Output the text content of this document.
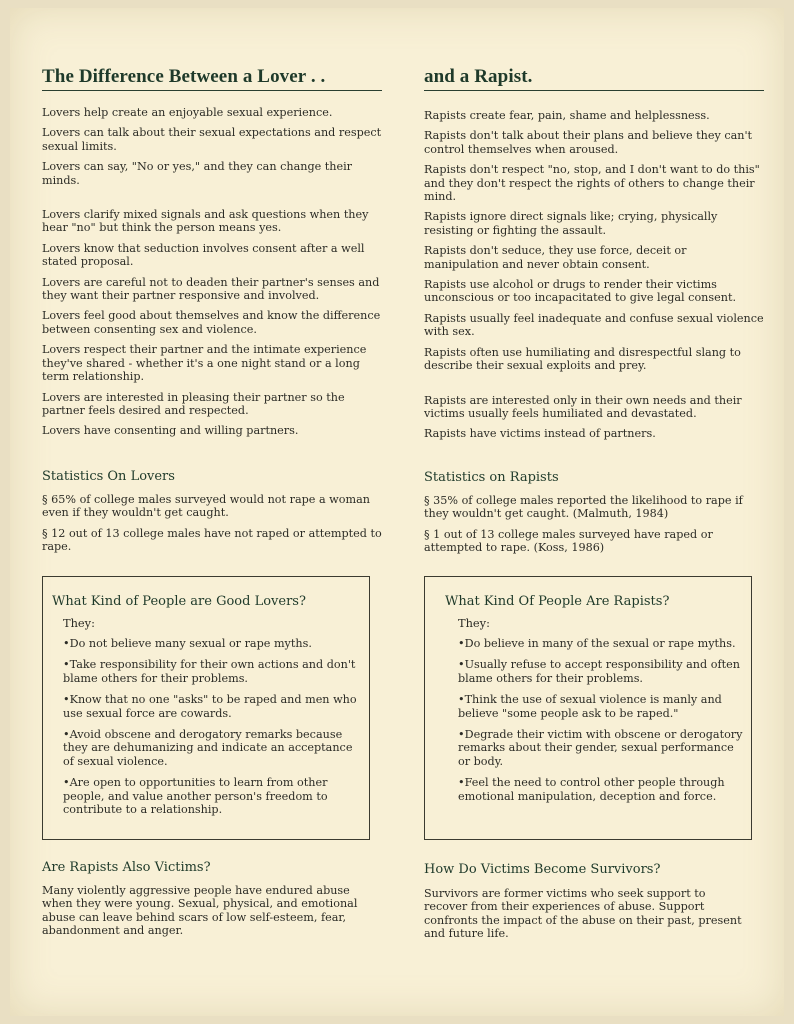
The Difference Between a Lover . .
Lovers help create an enjoyable sexual experience.
Lovers can talk about their sexual expectations and respect sexual limits.
Lovers can say, "No or yes," and they can change their minds.
Lovers clarify mixed signals and ask questions when they hear "no" but think the person means yes.
Lovers know that seduction involves consent after a well stated proposal.
Lovers are careful not to deaden their partner's senses and they want their partner responsive and involved.
Lovers feel good about themselves and know the difference between consenting sex and violence.
Lovers respect their partner and the intimate experience they've shared - whether it's a one night stand or a long term relationship.
Lovers are interested in pleasing their partner so the partner feels desired and respected.
Lovers have consenting and willing partners.
Statistics On Lovers
§ 65% of college males surveyed would not rape a woman even if they wouldn't get caught.
§ 12 out of 13 college males have not raped or attempted to rape.
What Kind of People are Good Lovers?
They:
•Do not believe many sexual or rape myths.
•Take responsibility for their own actions and don't blame others for their problems.
•Know that no one "asks" to be raped and men who use sexual force are cowards.
•Avoid obscene and derogatory remarks because they are dehumanizing and indicate an acceptance of sexual violence.
•Are open to opportunities to learn from other people, and value another person's freedom to contribute to a relationship.
Are Rapists Also Victims?
Many violently aggressive people have endured abuse when they were young. Sexual, physical, and emotional abuse can leave behind scars of low self-esteem, fear, abandonment and anger.
and a Rapist.
Rapists create fear, pain, shame and helplessness.
Rapists don't talk about their plans and believe they can't control themselves when aroused.
Rapists don't respect "no, stop, and I don't want to do this" and they don't respect the rights of others to change their mind.
Rapists ignore direct signals like; crying, physically resisting or fighting the assault.
Rapists don't seduce, they use force, deceit or manipulation and never obtain consent.
Rapists use alcohol or drugs to render their victims unconscious or too incapacitated to give legal consent.
Rapists usually feel inadequate and confuse sexual violence with sex.
Rapists often use humiliating and disrespectful slang to describe their sexual exploits and prey.
Rapists are interested only in their own needs and their victims usually feels humiliated and devastated.
Rapists have victims instead of partners.
Statistics on Rapists
§ 35% of college males reported the likelihood to rape if they wouldn't get caught. (Malmuth, 1984)
§ 1 out of 13 college males surveyed have raped or attempted to rape. (Koss, 1986)
What Kind Of People Are Rapists?
They:
•Do believe in many of the sexual or rape myths.
•Usually refuse to accept responsibility and often blame others for their problems.
•Think the use of sexual violence is manly and believe "some people ask to be raped."
•Degrade their victim with obscene or derogatory remarks about their gender, sexual performance or body.
•Feel the need to control other people through emotional manipulation, deception and force.
How Do Victims Become Survivors?
Survivors are former victims who seek support to recover from their experiences of abuse. Support confronts the impact of the abuse on their past, present and future life.
